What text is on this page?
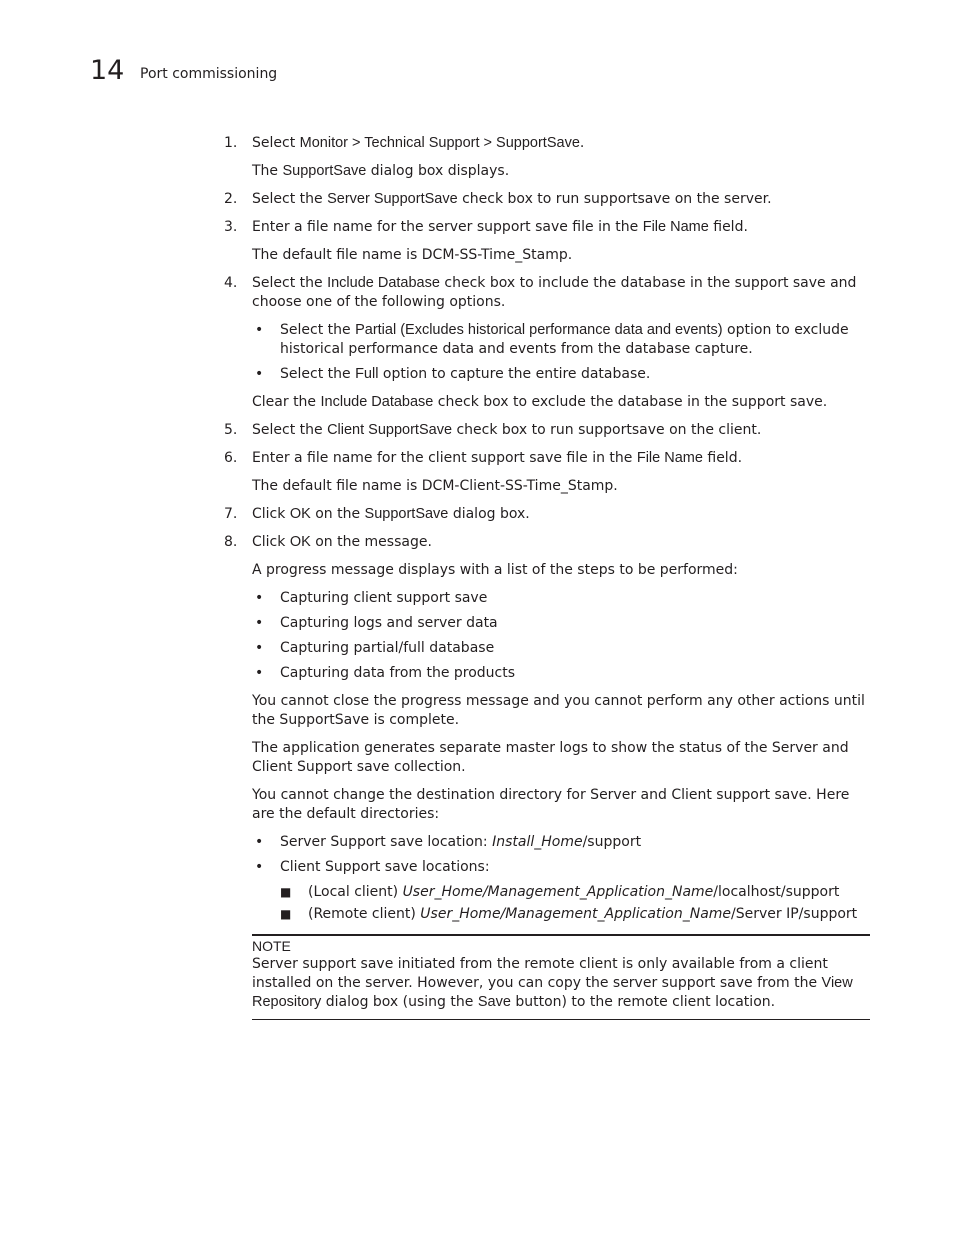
14 Port commissioning
1. Select Monitor > Technical Support > SupportSave.
The SupportSave dialog box displays.
2. Select the Server SupportSave check box to run supportsave on the server.
3. Enter a file name for the server support save file in the File Name field.
The default file name is DCM-SS-Time_Stamp.
4. Select the Include Database check box to include the database in the support save and choose one of the following options.
• Select the Partial (Excludes historical performance data and events) option to exclude historical performance data and events from the database capture.
• Select the Full option to capture the entire database.
Clear the Include Database check box to exclude the database in the support save.
5. Select the Client SupportSave check box to run supportsave on the client.
6. Enter a file name for the client support save file in the File Name field.
The default file name is DCM-Client-SS-Time_Stamp.
7. Click OK on the SupportSave dialog box.
8. Click OK on the message.
A progress message displays with a list of the steps to be performed:
• Capturing client support save
• Capturing logs and server data
• Capturing partial/full database
• Capturing data from the products
You cannot close the progress message and you cannot perform any other actions until the SupportSave is complete.
The application generates separate master logs to show the status of the Server and Client Support save collection.
You cannot change the destination directory for Server and Client support save. Here are the default directories:
• Server Support save location: Install_Home/support
• Client Support save locations:
■ (Local client) User_Home/Management_Application_Name/localhost/support
■ (Remote client) User_Home/Management_Application_Name/Server IP/support
NOTE
Server support save initiated from the remote client is only available from a client installed on the server. However, you can copy the server support save from the View Repository dialog box (using the Save button) to the remote client location.
